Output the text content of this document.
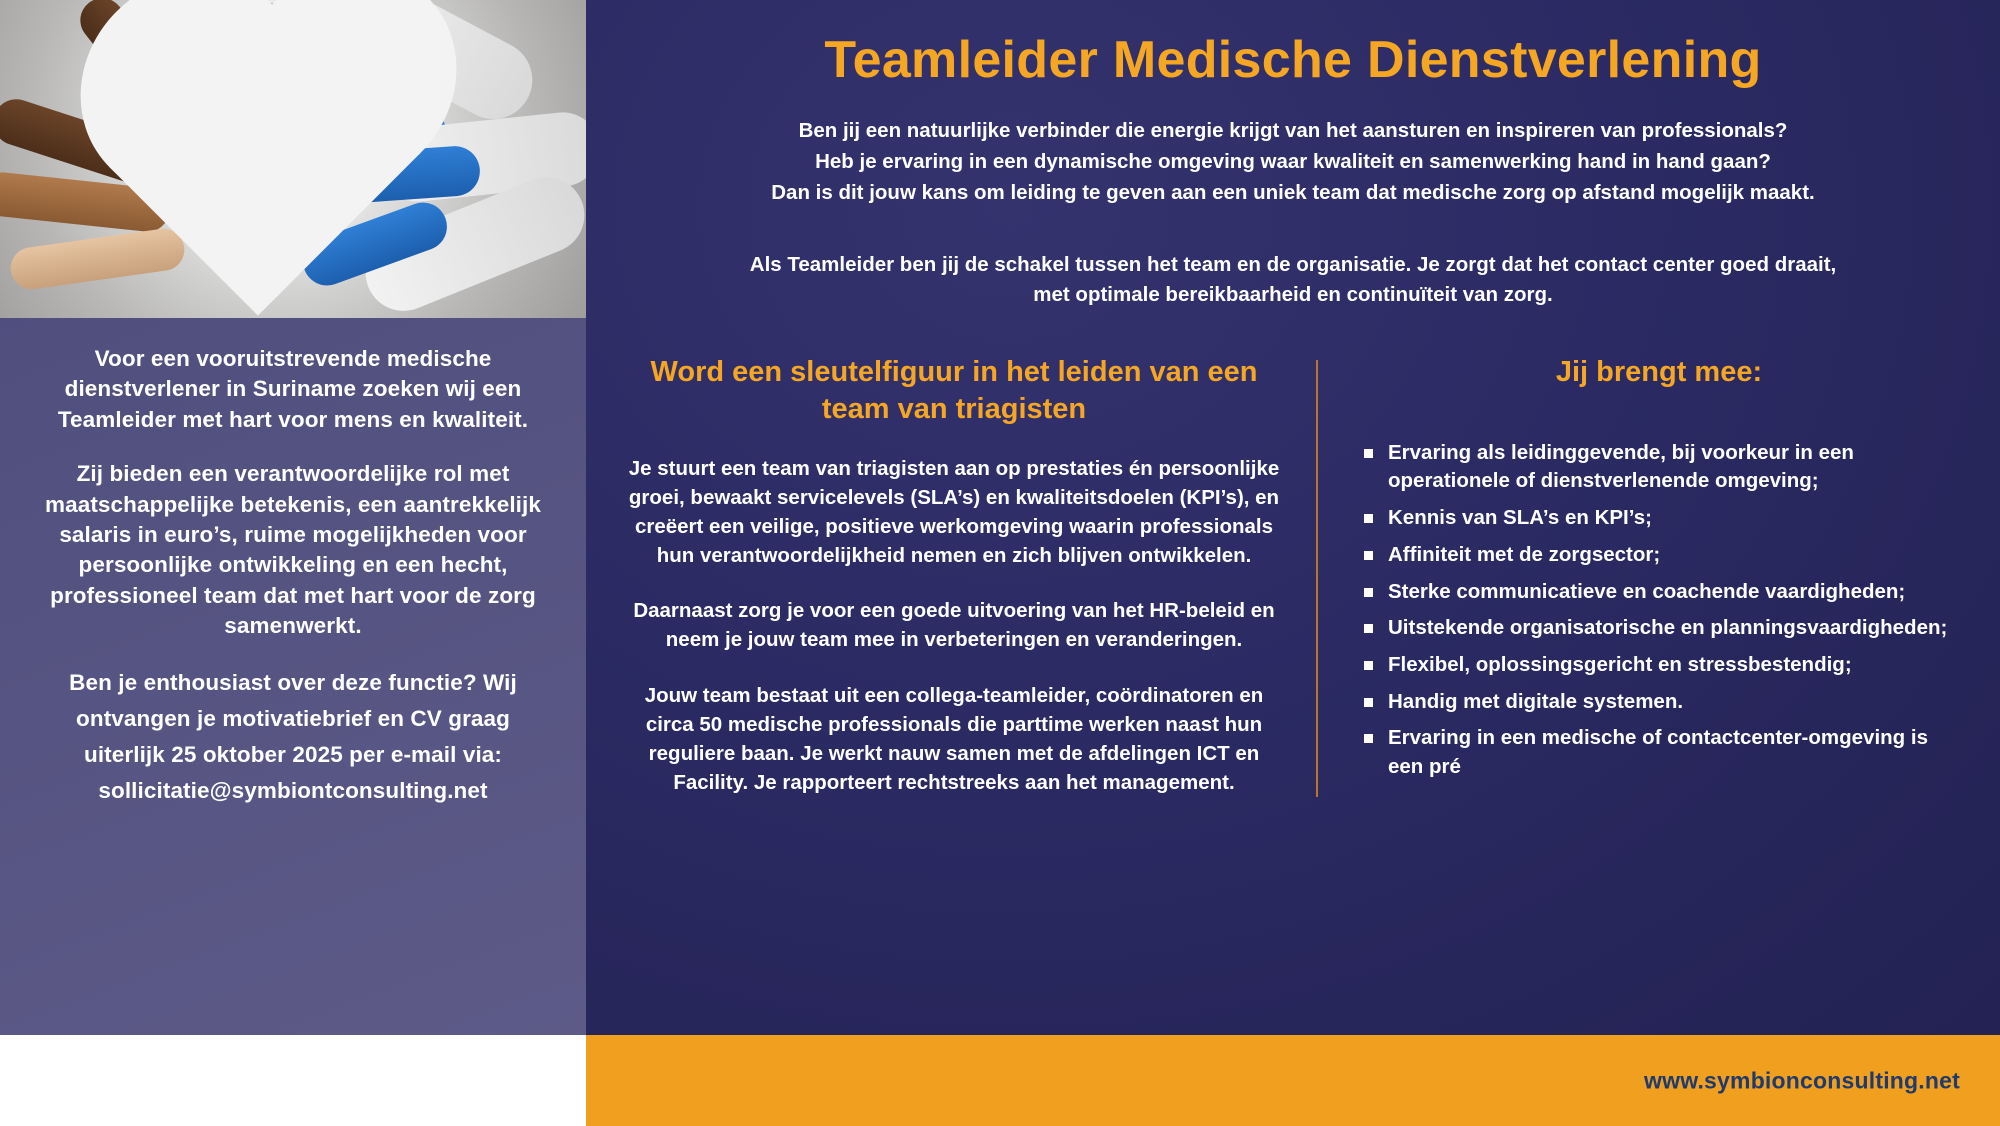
Voor een vooruitstrevende medische dienstverlener in Suriname zoeken wij een Teamleider met hart voor mens en kwaliteit.

Zij bieden een verantwoordelijke rol met maatschappelijke betekenis, een aantrekkelijk salaris in euro’s, ruime mogelijkheden voor persoonlijke ontwikkeling en een hecht, professioneel team dat met hart voor de zorg samenwerkt.

Ben je enthousiast over deze functie? Wij ontvangen je motivatiebrief en CV graag uiterlijk 25 oktober 2025 per e-mail via: sollicitatie@symbiontconsulting.net

Teamleider Medische Dienstverlening
Ben jij een natuurlijke verbinder die energie krijgt van het aansturen en inspireren van professionals?
Heb je ervaring in een dynamische omgeving waar kwaliteit en samenwerking hand in hand gaan?
Dan is dit jouw kans om leiding te geven aan een uniek team dat medische zorg op afstand mogelijk maakt.
Als Teamleider ben jij de schakel tussen het team en de organisatie. Je zorgt dat het contact center goed draait,
met optimale bereikbaarheid en continuïteit van zorg.
Word een sleutelfiguur in het leiden van een team van triagisten

Je stuurt een team van triagisten aan op prestaties én persoonlijke groei, bewaakt servicelevels (SLA’s) en kwaliteitsdoelen (KPI’s), en creëert een veilige, positieve werkomgeving waarin professionals hun verantwoordelijkheid nemen en zich blijven ontwikkelen.

Daarnaast zorg je voor een goede uitvoering van het HR-beleid en neem je jouw team mee in verbeteringen en veranderingen.

Jouw team bestaat uit een collega-teamleider, coördinatoren en circa 50 medische professionals die parttime werken naast hun reguliere baan. Je werkt nauw samen met de afdelingen ICT en Facility. Je rapporteert rechtstreeks aan het management.

Jij brengt mee:
Ervaring als leidinggevende, bij voorkeur in een operationele of dienstverlenende omgeving;
Kennis van SLA’s en KPI’s;
Affiniteit met de zorgsector;
Sterke communicatieve en coachende vaardigheden;
Uitstekende organisatorische en planningsvaardigheden;
Flexibel, oplossingsgericht en stressbestendig;
Handig met digitale systemen.
Ervaring in een medische of contactcenter-omgeving is een pré
www.symbionconsulting.net
